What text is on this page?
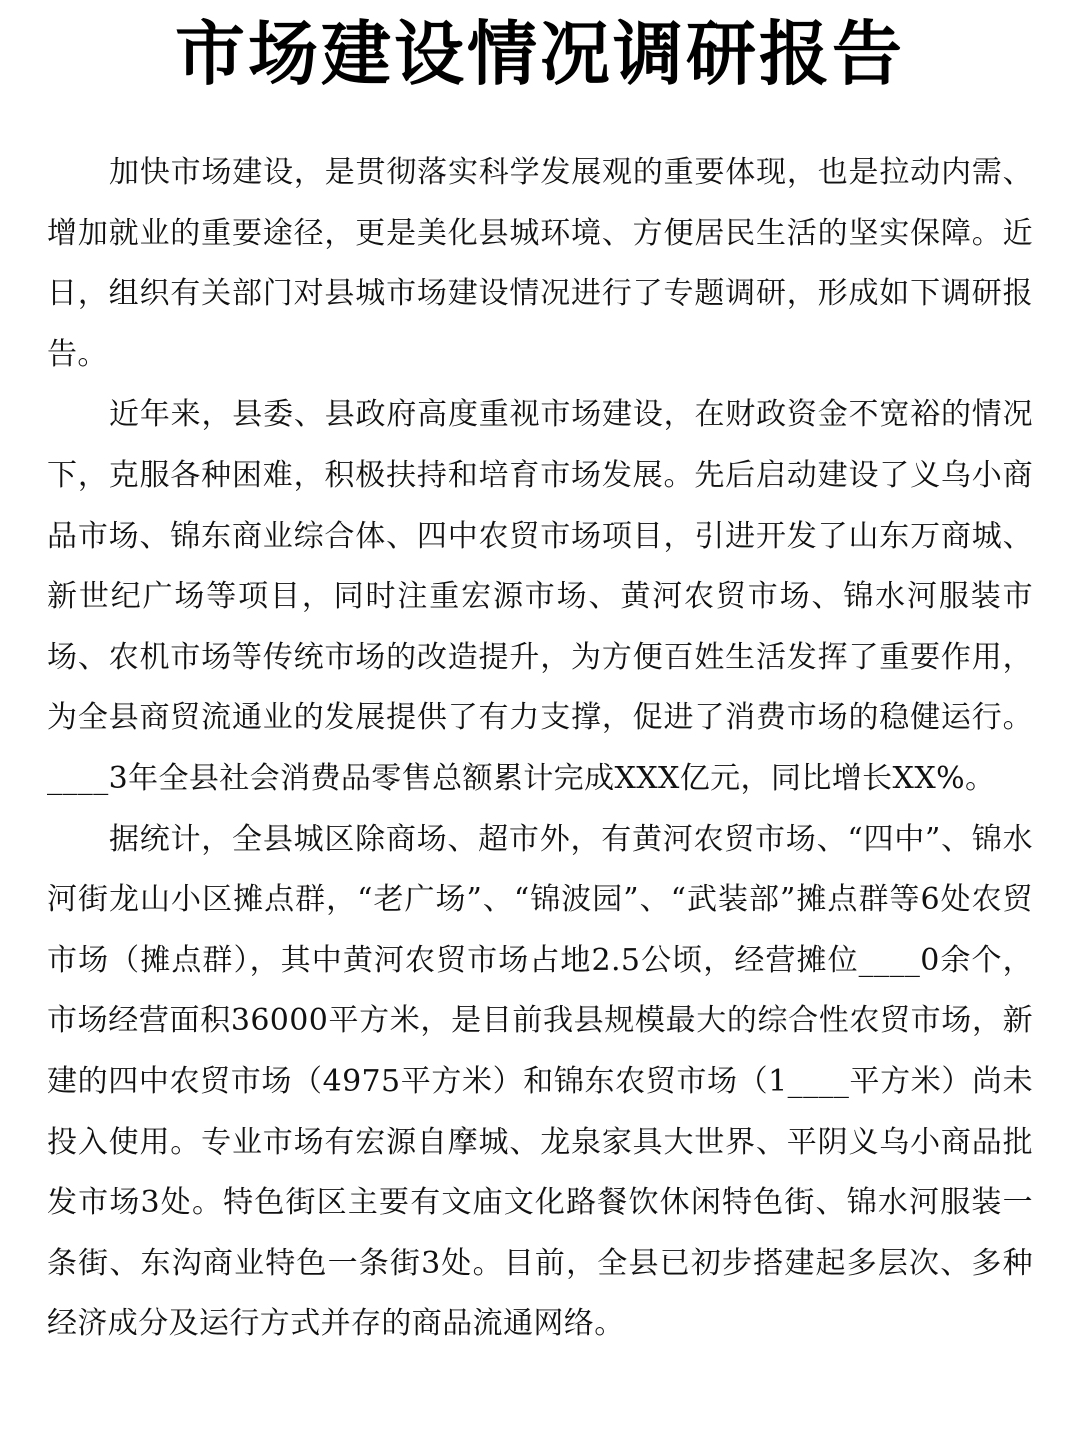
市场建设情况调研报告

加快市场建设，是贯彻落实科学发展观的重要体现，也是拉动内需、增加就业的重要途径，更是美化县城环境、方便居民生活的坚实保障。近日，组织有关部门对县城市场建设情况进行了专题调研，形成如下调研报告。

近年来，县委、县政府高度重视市场建设，在财政资金不宽裕的情况下，克服各种困难，积极扶持和培育市场发展。先后启动建设了义乌小商品市场、锦东商业综合体、四中农贸市场项目，引进开发了山东万商城、新世纪广场等项目，同时注重宏源市场、黄河农贸市场、锦水河服装市场、农机市场等传统市场的改造提升，为方便百姓生活发挥了重要作用，为全县商贸流通业的发展提供了有力支撑，促进了消费市场的稳健运行。____3年全县社会消费品零售总额累计完成XXX亿元，同比增长XX%。

据统计，全县城区除商场、超市外，有黄河农贸市场、“四中”、锦水河街龙山小区摊点群，“老广场”、“锦波园”、“武装部”摊点群等6处农贸市场（摊点群），其中黄河农贸市场占地2.5公顷，经营摊位____0余个，市场经营面积36000平方米，是目前我县规模最大的综合性农贸市场，新建的四中农贸市场（4975平方米）和锦东农贸市场（1____平方米）尚未投入使用。专业市场有宏源自摩城、龙泉家具大世界、平阴义乌小商品批发市场3处。特色街区主要有文庙文化路餐饮休闲特色街、锦水河服装一条街、东沟商业特色一条街3处。目前，全县已初步搭建起多层次、多种经济成分及运行方式并存的商品流通网络。
